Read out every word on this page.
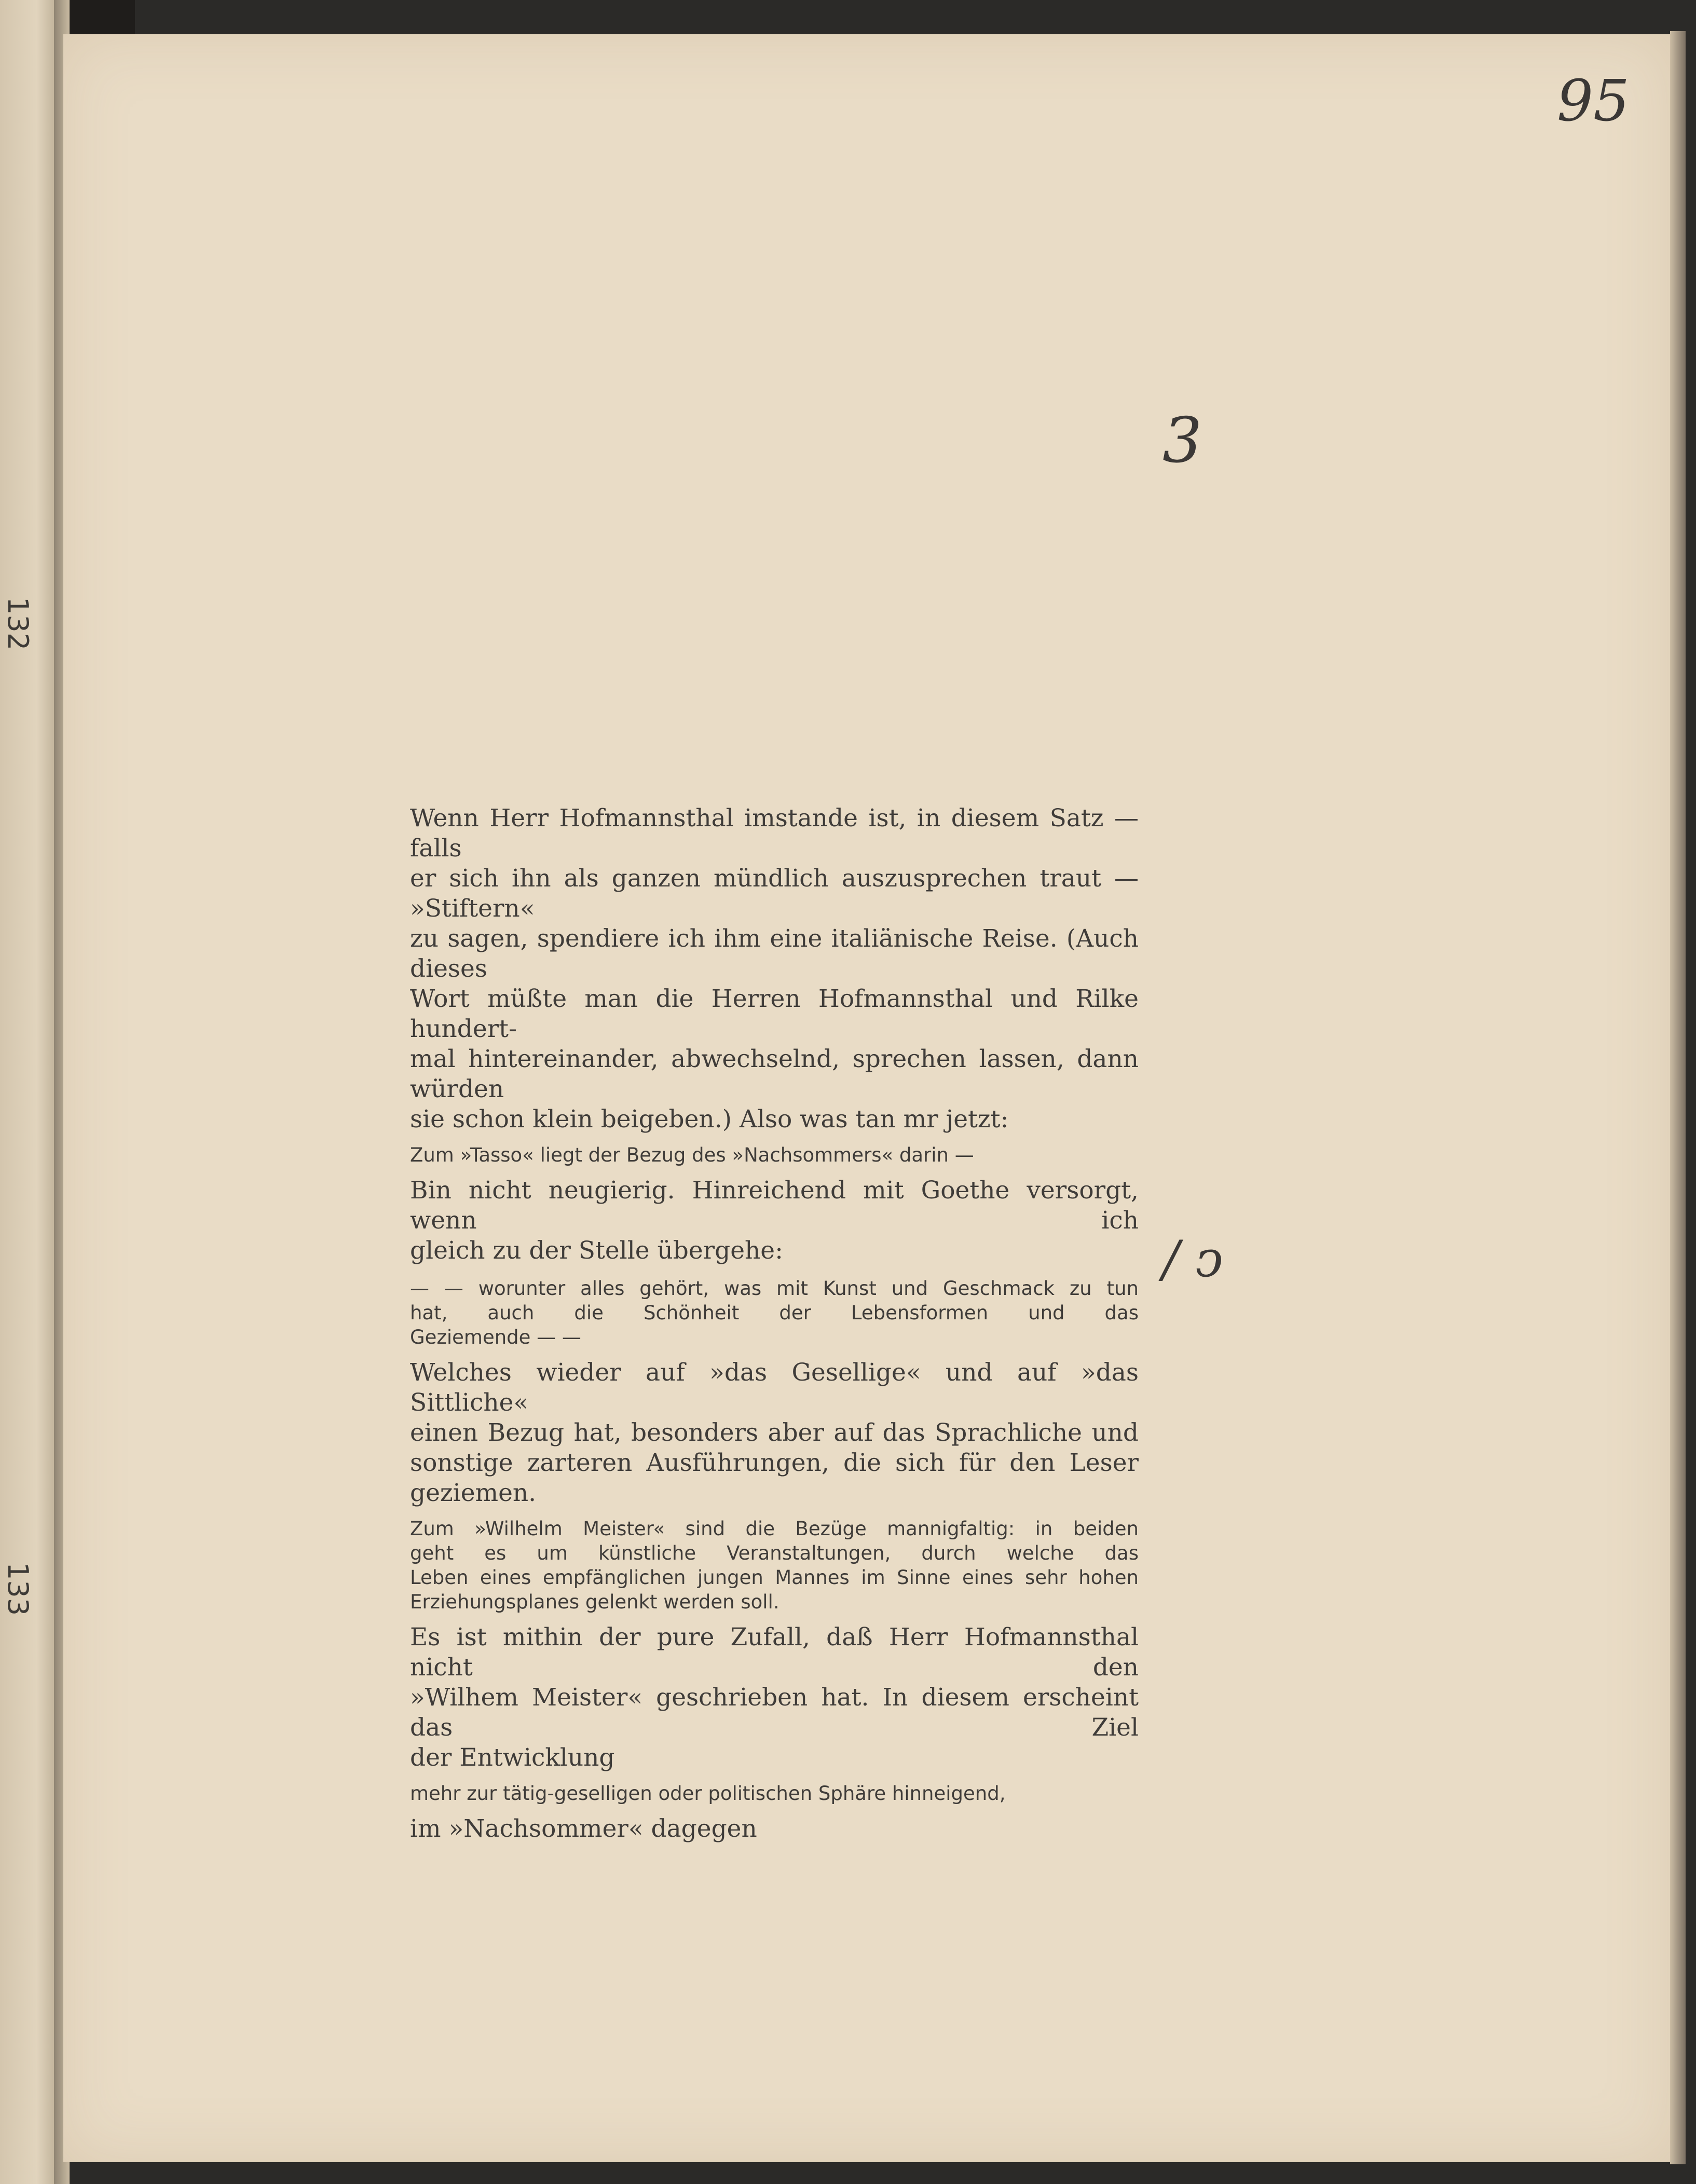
132
133
95
3
/ ↄ

Wenn Herr Hofmannsthal imstande ist, in diesem Satz — falls

er sich ihn als ganzen mündlich auszusprechen traut — »Stiftern«

zu sagen, spendiere ich ihm eine italiänische Reise. (Auch dieses

Wort müßte man die Herren Hofmannsthal und Rilke hundert-

mal hintereinander, abwechselnd, sprechen lassen, dann würden

sie schon klein beigeben.) Also was tan mr jetzt:

Zum »Tasso« liegt der Bezug des »Nachsommers« darin —

Bin nicht neugierig. Hinreichend mit Goethe versorgt, wenn ich

gleich zu der Stelle übergehe:

— — worunter alles gehört, was mit Kunst und Geschmack zu tun

hat, auch die Schönheit der Lebensformen und das

Geziemende — —

Welches wieder auf »das Gesellige« und auf »das Sittliche«

einen Bezug hat, besonders aber auf das Sprachliche und

sonstige zarteren Ausführungen, die sich für den Leser geziemen.

Zum »Wilhelm Meister« sind die Bezüge mannigfaltig: in beiden

geht es um künstliche Veranstaltungen, durch welche das

Leben eines empfänglichen jungen Mannes im Sinne eines sehr hohen

Erziehungsplanes gelenkt werden soll.

Es ist mithin der pure Zufall, daß Herr Hofmannsthal nicht den

»Wilhem Meister« geschrieben hat. In diesem erscheint das Ziel

der Entwicklung

mehr zur tätig-geselligen oder politischen Sphäre hinneigend,

im »Nachsommer« dagegen
